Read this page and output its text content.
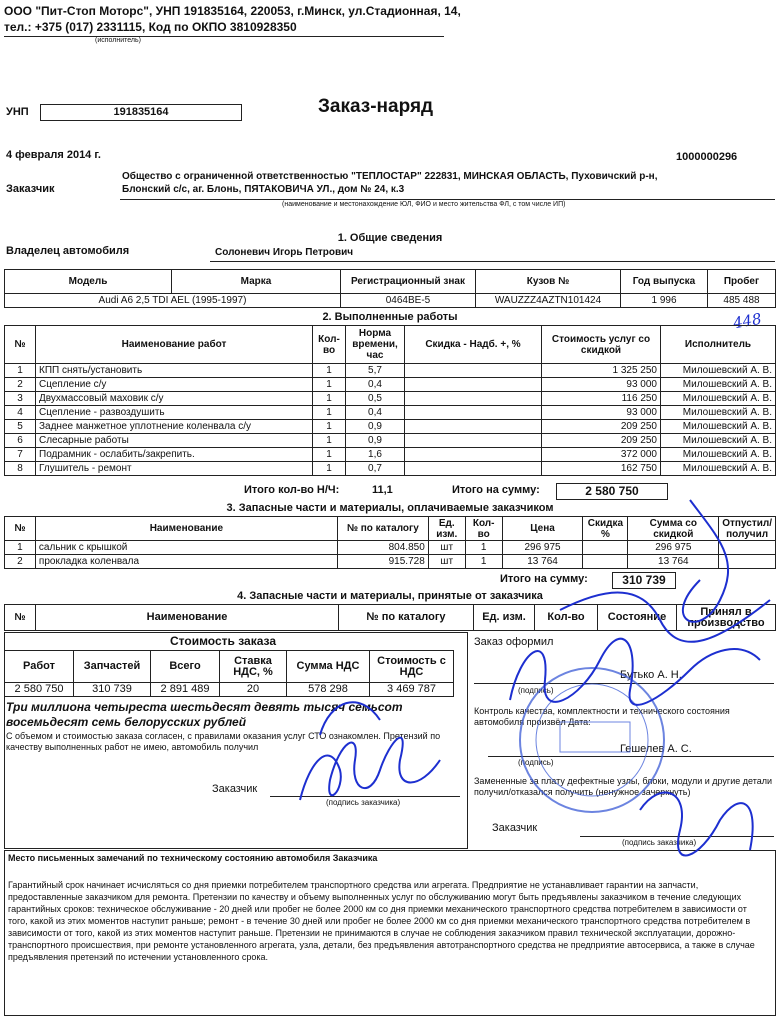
ООО "Пит-Стоп Моторс", УНП 191835164, 220053, г.Минск, ул.Стадионная, 14,
тел.: +375 (017) 2331115, Код по ОКПО 3810928350
(исполнитель)
УНП	191835164	Заказ-наряд
4 февраля 2014 г.	1000000296
Заказчик
Общество с ограниченной ответственностью "ТЕПЛОСТАР" 222831, МИНСКАЯ ОБЛАСТЬ, Пуховичский р-н,
Блонский с/с, аг. Блонь, ПЯТАКОВИЧА УЛ., дом № 24, к.3
(наименование и местонахождение ЮЛ, ФИО и место жительства ФЛ, с том числе ИП)
1. Общие сведения
Владелец автомобиля	Солоневич Игорь Петрович
Модель	Марка	Регистрационный знак	Кузов №	Год выпуска	Пробег
Audi A6 2,5 TDI AEL (1995-1997)		0464BE-5	WAUZZZ4AZTN101424	1 996	485 488
448
2. Выполненные работы
№	Наименование работ	Кол-во	Норма времени, час	Скидка - Надб. +, %	Стоимость услуг со скидкой	Исполнитель
1	КПП снять/установить	1	5,7		1 325 250	Милошевский А. В.
2	Сцепление с/у	1	0,4		93 000	Милошевский А. В.
3	Двухмассовый маховик с/у	1	0,5		116 250	Милошевский А. В.
4	Сцепление - развоздушить	1	0,4		93 000	Милошевский А. В.
5	Заднее манжетное уплотнение коленвала с/у	1	0,9		209 250	Милошевский А. В.
6	Слесарные работы	1	0,9		209 250	Милошевский А. В.
7	Подрамник - ослабить/закрепить.	1	1,6		372 000	Милошевский А. В.
8	Глушитель - ремонт	1	0,7		162 750	Милошевский А. В.
Итого кол-во Н/Ч:	11,1	Итого на сумму:	2 580 750
3. Запасные части и материалы, оплачиваемые заказчиком
№	Наименование	№ по каталогу	Ед. изм.	Кол-во	Цена	Скидка %	Сумма со скидкой	Отпустил/ получил
1	сальник с крышкой	804.850	шт	1	296 975		296 975	
2	прокладка коленвала	915.728	шт	1	13 764		13 764	
Итого на сумму:	310 739
4. Запасные части и материалы, принятые от заказчика
№	Наименование	№ по каталогу	Ед. изм.	Кол-во	Состояние	Принял в производство
Стоимость заказа
Работ	Запчастей	Всего	Ставка НДС, %	Сумма НДС	Стоимость с НДС
2 580 750	310 739	2 891 489	20	578 298	3 469 787
Три миллиона четыреста шестьдесят девять тысяч семьсот восемьдесят семь белорусских рублей
С объемом и стоимостью заказа согласен, с правилами оказания услуг СТО ознакомлен. Претензий по качеству выполненных работ не имею, автомобиль получил
Заказчик
(подпись заказчика)
Заказ оформил
Бутько А. Н.
(подпись)
Контроль качества, комплектности и технического состояния автомобиля произвёл Дата:
Гешелев А. С.
(подпись)
Замененные за плату дефектные узлы, блоки, модули и другие детали получил/отказался получить (ненужное зачеркнуть)
Заказчик
(подпись заказчика)
Место письменных замечаний по техническому состоянию автомобиля Заказчика
Гарантийный срок начинает исчисляться со дня приемки потребителем транспортного средства или агрегата. Предприятие не устанавливает гарантии на запчасти, предоставленные заказчиком для ремонта. Претензии по качеству и объему выполненных услуг по обслуживанию могут быть предъявлены заказчиком в течение следующих гарантийных сроков: техническое обслуживание - 20 дней или пробег не более 2000 км со дня приемки механического транспортного средства потребителем в зависимости от того, какой из этих моментов наступит раньше; ремонт - в течение 30 дней или пробег не более 2000 км со дня приемки механического транспортного средства потребителем в зависимости от того, какой из этих моментов наступит раньше. Претензии не принимаются в случае не соблюдения заказчиком правил технической эксплуатации, дорожно-транспортного происшествия, при ремонте установленного агрегата, узла, детали, без предъявления автотранспортного средства не предприятие автосервиса, а также в случае предъявления претензий по истечении установленного срока.
